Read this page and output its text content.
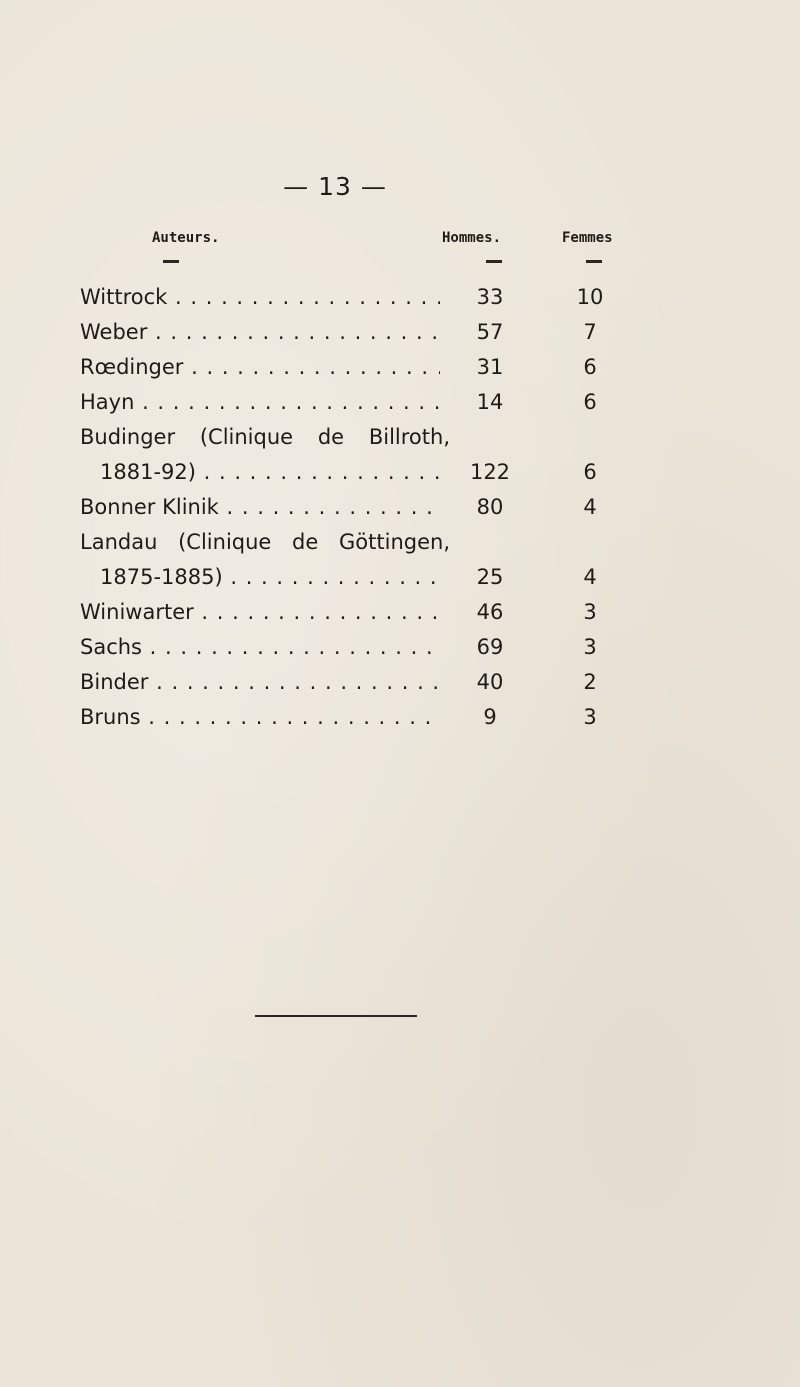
— 13 —
Auteurs.	Hommes.	Femmes
Wittrock . . .	33	10
Weber . . .	57	7
Rœdinger . . .	31	6
Hayn . . .	14	6
Budinger (Clinique de Billroth,
1881-92) . . .	122	6
Bonner Klinik . . .	80	4
Landau (Clinique de Göttingen,
1875-1885) . . .	25	4
Winiwarter . . .	46	3
Sachs . . .	69	3
Binder . . .	40	2
Bruns . . .	9	3
